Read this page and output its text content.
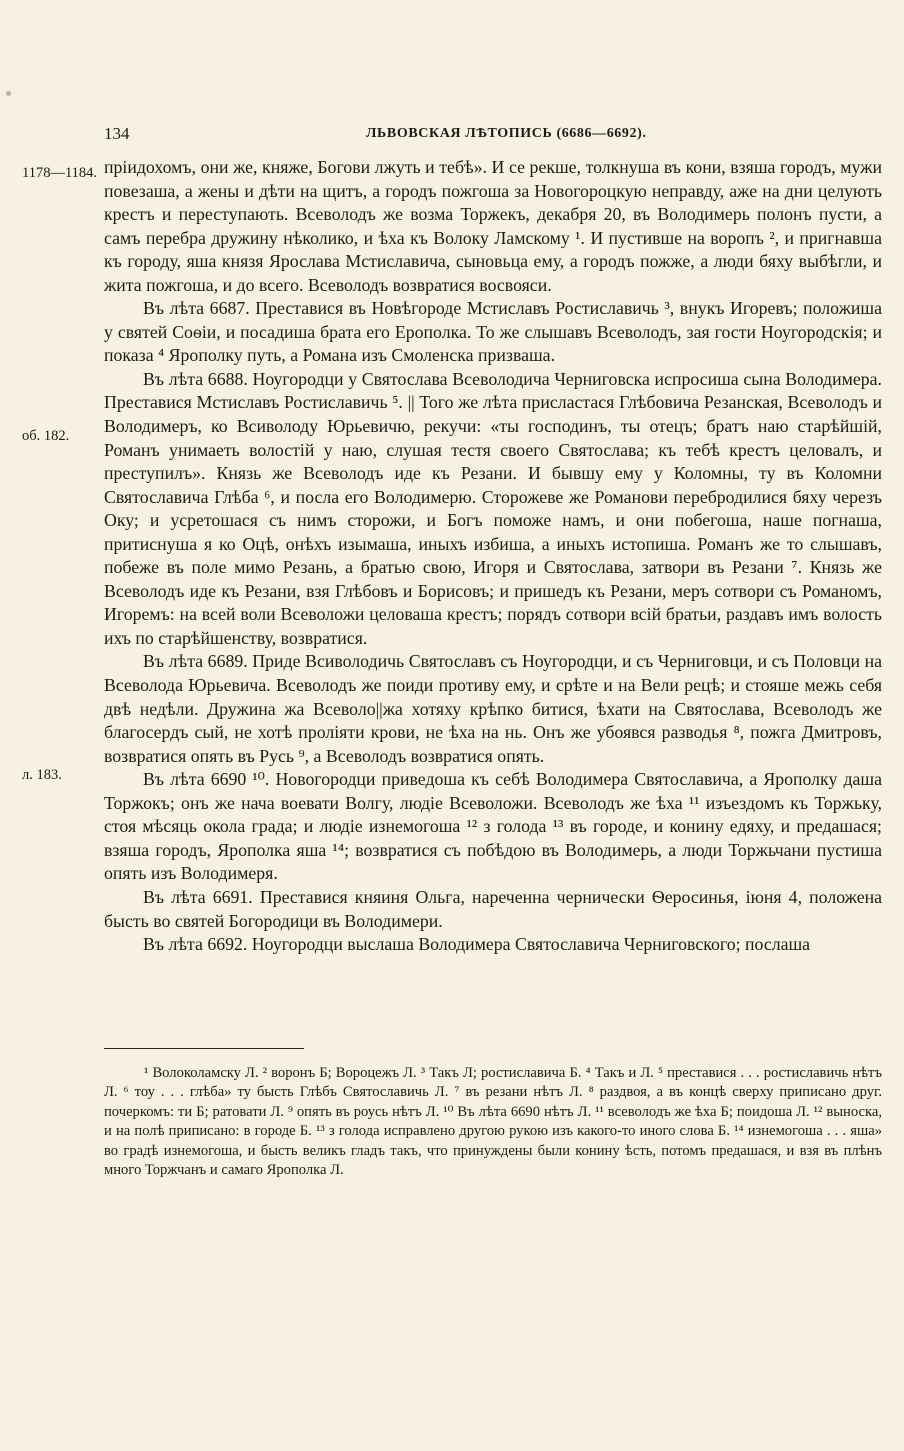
134	ЛЬВОВСКАЯ ЛѢТОПИСЬ (6686—6692).
1178—1184.
об. 182.
л. 183.

прiидохомъ, они же, княже, Богови лжуть и тебѣ». И се рекше, толкнуша въ кони, взяша городъ, мужи повезаша, а жены и дѣти на щитъ, а городъ пожгоша за Новогороцкую неправду, аже на дни целують крестъ и переступають. Всеволодъ же возма Торжекъ, декабря 20, въ Володимерь полонъ пусти, а самъ перебра дружину нѣколико, и ѣха къ Волоку Ламскому ¹. И пустивше на воропъ ², и пригнавша къ городу, яша князя Ярослава Мстиславича, сыновьца ему, а городъ пожже, а люди бяху выбѣгли, и жита пожгоша, и до всего. Всеволодъ возвратися восвояси.

Въ лѣта 6687. Преставися въ Новѣгороде Мстиславъ Ростиславичь ³, внукъ Игоревъ; положиша у святей Соѳiи, и посадиша брата его Ерополка. То же слышавъ Всеволодъ, зая гости Ноугородскiя; и показа ⁴ Ярополку путь, а Романа изъ Смоленска призваша.

Въ лѣта 6688. Ноугородци у Святослава Всеволодича Черниговска испросиша сына Володимера. Преставися Мстиславъ Ростиславичь ⁵. || Того же лѣта присластася Глѣбовича Резанская, Всеволодъ и Володимеръ, ко Всиволоду Юрьевичю, рекучи: «ты господинъ, ты отецъ; братъ наю старѣйшiй, Романъ унимаеть волостiй у наю, слушая тестя своего Святослава; къ тебѣ крестъ целовалъ, и преступилъ». Князь же Всеволодъ иде къ Резани. И бывшу ему у Коломны, ту въ Коломни Святославича Глѣба ⁶, и посла его Володимерю. Сторожеве же Романови перебродилися бяху черезъ Оку; и усретошася съ нимъ сторожи, и Богъ поможе намъ, и они побегоша, наше погнаша, притиснуша я ко Оцѣ, онѣхъ изымаша, иныхъ избиша, а иныхъ истопиша. Романъ же то слышавъ, побеже въ поле мимо Резань, а братью свою, Игоря и Святослава, затвори въ Резани ⁷. Князь же Всеволодъ иде къ Резани, взя Глѣбовъ и Борисовъ; и пришедъ къ Резани, меръ сотвори съ Романомъ, Игоремъ: на всей воли Всеволожи целоваша крестъ; порядъ сотвори всiй братьи, раздавъ имъ волость ихъ по старѣйшенству, возвратися.

Въ лѣта 6689. Приде Всиволодичь Святославъ съ Ноугородци, и съ Черниговци, и съ Половци на Всеволода Юрьевича. Всеволодъ же поиди противу ему, и срѣте и на Вели рецѣ; и стояше межь себя двѣ недѣли. Дружина жа Всеволо||жа хотяху крѣпко битися, ѣхати на Святослава, Всеволодъ же благосердъ сый, не хотѣ проліяти крови, не ѣха на нь. Онъ же убоявся разводья ⁸, пожга Дмитровъ, возвратися опять въ Русь ⁹, а Всеволодъ возвратися опять.

Въ лѣта 6690 ¹⁰. Новогородци приведоша къ себѣ Володимера Святославича, а Ярополку даша Торжокъ; онъ же нача воевати Волгу, людiе Всеволожи. Всеволодъ же ѣха ¹¹ изъездомъ къ Торжьку, стоя мѣсяць окола града; и людiе изнемогоша ¹² з голода ¹³ въ городе, и конину едяху, и предашася; взяша городъ, Ярополка яша ¹⁴; возвратися съ побѣдою въ Володимерь, а люди Торжьчани пустиша опять изъ Володимеря.

Въ лѣта 6691. Преставися княиня Ольга, нареченна чернически Ѳеросинья, iюня 4, положена бысть во святей Богородици въ Володимери.

Въ лѣта 6692. Ноугородци выслаша Володимера Святославича Черниговского; послаша

¹ Волоколамску Л. ² воронъ Б; Вороцежъ Л. ³ Такъ Л; ростиславича Б. ⁴ Такъ и Л. ⁵ преставися . . . ростиславичь нѣтъ Л. ⁶ тоу . . . глѣба» ту бысть Глѣбъ Святославичь Л. ⁷ въ резани нѣтъ Л. ⁸ раздвоя, а въ концѣ сверху приписано друг. почеркомъ: ти Б; ратовати Л. ⁹ опять въ роусь нѣтъ Л. ¹⁰ Въ лѣта 6690 нѣтъ Л. ¹¹ всеволодъ же ѣха Б; поидоша Л. ¹² выноска, и на полѣ приписано: в городе Б. ¹³ з голода исправлено другою рукою изъ какого-то иного слова Б. ¹⁴ изнемогоша . . . яша» во градѣ изнемогоша, и бысть великъ гладъ такъ, что принуждены были конину ѣсть, потомъ предашася, и взя въ плѣнъ много Торжчанъ и самаго Ярополка Л.
